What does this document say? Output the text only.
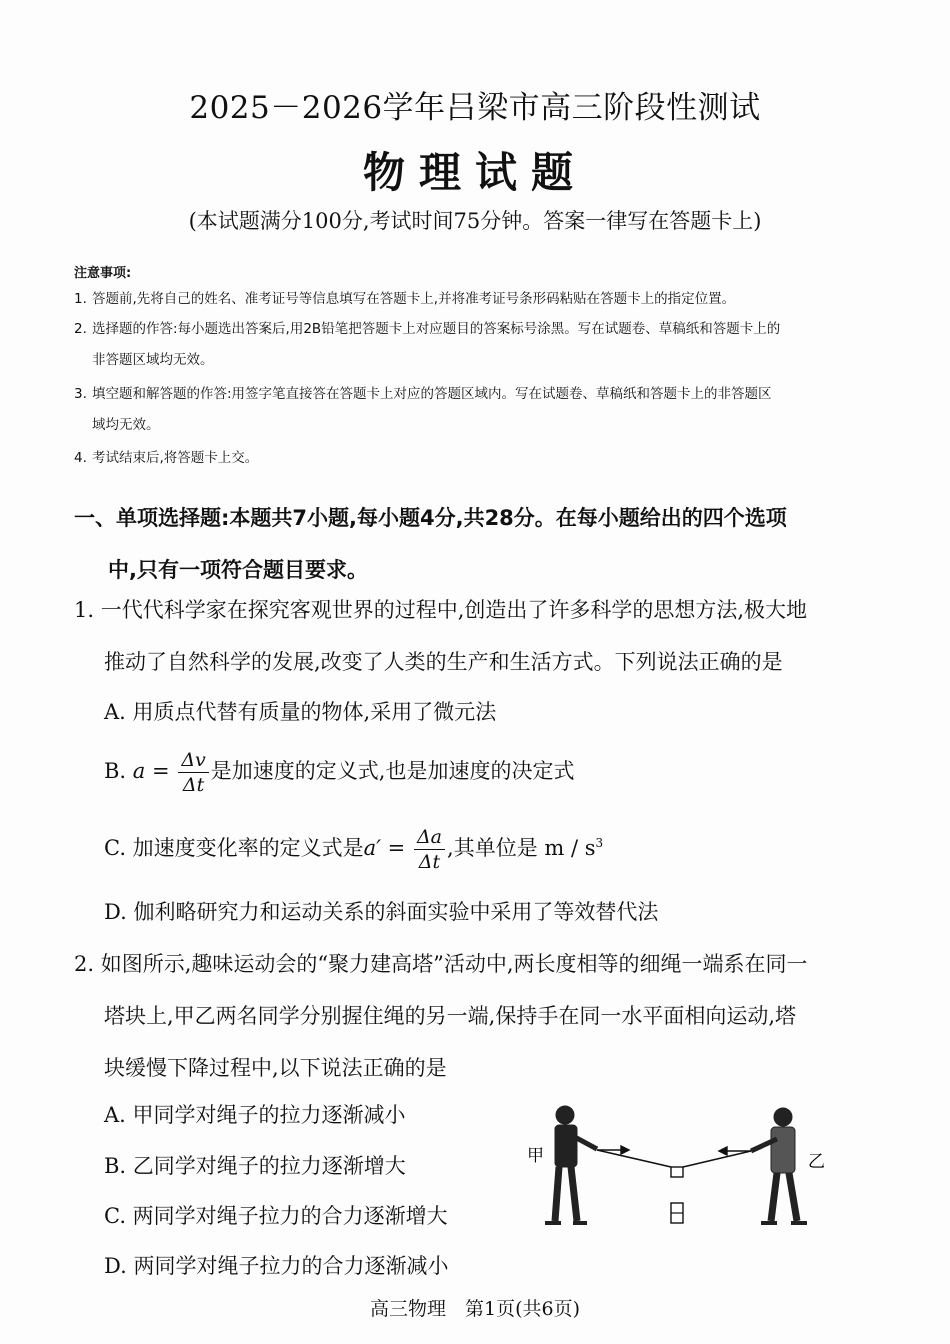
2025－2026学年吕梁市高三阶段性测试
物理试题
(本试题满分100分,考试时间75分钟。答案一律写在答题卡上)
注意事项:
1. 答题前,先将自己的姓名、准考证号等信息填写在答题卡上,并将准考证号条形码粘贴在答题卡上的指定位置。
2. 选择题的作答:每小题选出答案后,用2B铅笔把答题卡上对应题目的答案标号涂黑。写在试题卷、草稿纸和答题卡上的
非答题区域均无效。
3. 填空题和解答题的作答:用签字笔直接答在答题卡上对应的答题区域内。写在试题卷、草稿纸和答题卡上的非答题区
域均无效。
4. 考试结束后,将答题卡上交。
一、单项选择题:本题共7小题,每小题4分,共28分。在每小题给出的四个选项
中,只有一项符合题目要求。
1. 一代代科学家在探究客观世界的过程中,创造出了许多科学的思想方法,极大地
推动了自然科学的发展,改变了人类的生产和生活方式。下列说法正确的是
A. 用质点代替有质量的物体,采用了微元法
B. $a = \frac{\Delta v}{\Delta t}$ 是加速度的定义式,也是加速度的决定式
C. 加速度变化率的定义式是$a' = \frac{\Delta a}{\Delta t}$ ,其单位是 m / $s^3$
D. 伽利略研究力和运动关系的斜面实验中采用了等效替代法
2. 如图所示,趣味运动会的“聚力建高塔”活动中,两长度相等的细绳一端系在同一
塔块上,甲乙两名同学分别握住绳的另一端,保持手在同一水平面相向运动,塔
块缓慢下降过程中,以下说法正确的是
A. 甲同学对绳子的拉力逐渐减小
B. 乙同学对绳子的拉力逐渐增大
C. 两同学对绳子拉力的合力逐渐增大
D. 两同学对绳子拉力的合力逐渐减小
甲	乙
高三物理　第1页(共6页)
